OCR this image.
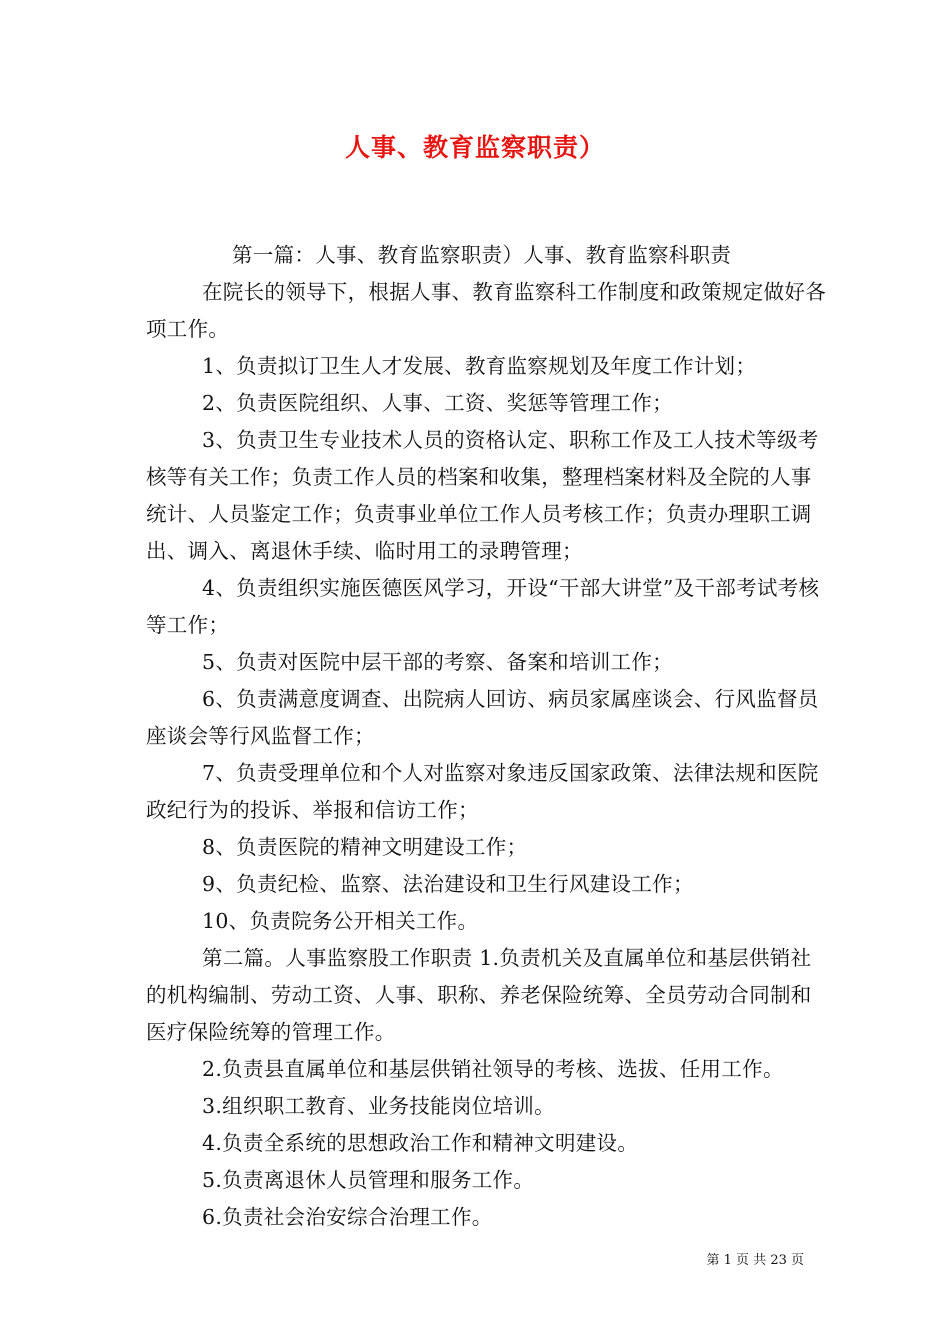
人事、教育监察职责）

第一篇：人事、教育监察职责）人事、教育监察科职责

在院长的领导下，根据人事、教育监察科工作制度和政策规定做好各项工作。

1、负责拟订卫生人才发展、教育监察规划及年度工作计划；

2、负责医院组织、人事、工资、奖惩等管理工作；

3、负责卫生专业技术人员的资格认定、职称工作及工人技术等级考核等有关工作；负责工作人员的档案和收集，整理档案材料及全院的人事统计、人员鉴定工作；负责事业单位工作人员考核工作；负责办理职工调出、调入、离退休手续、临时用工的录聘管理；

4、负责组织实施医德医风学习，开设“干部大讲堂”及干部考试考核等工作；

5、负责对医院中层干部的考察、备案和培训工作；

6、负责满意度调查、出院病人回访、病员家属座谈会、行风监督员座谈会等行风监督工作；

7、负责受理单位和个人对监察对象违反国家政策、法律法规和医院政纪行为的投诉、举报和信访工作；

8、负责医院的精神文明建设工作；

9、负责纪检、监察、法治建设和卫生行风建设工作；

10、负责院务公开相关工作。

第二篇。人事监察股工作职责 1.负责机关及直属单位和基层供销社的机构编制、劳动工资、人事、职称、养老保险统筹、全员劳动合同制和医疗保险统筹的管理工作。

2.负责县直属单位和基层供销社领导的考核、选拔、任用工作。

3.组织职工教育、业务技能岗位培训。

4.负责全系统的思想政治工作和精神文明建设。

5.负责离退休人员管理和服务工作。

6.负责社会治安综合治理工作。

第 1 页 共 23 页
